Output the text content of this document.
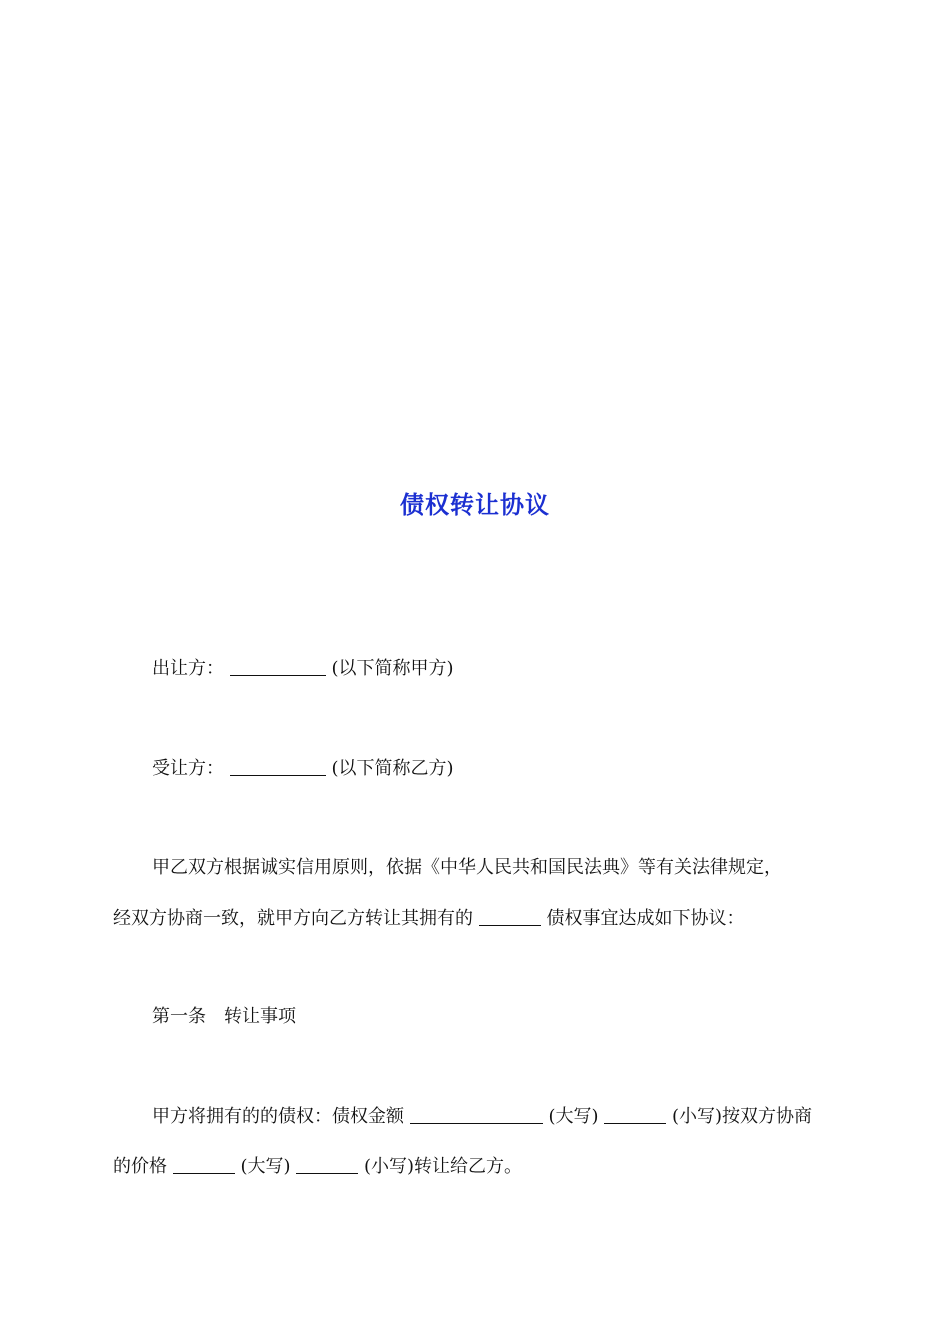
债权转让协议
出让方：	(以下简称甲方)
受让方：	(以下简称乙方)
甲乙双方根据诚实信用原则，依据《中华人民共和国民法典》等有关法律规定，
经双方协商一致，就甲方向乙方转让其拥有的	债权事宜达成如下协议：
第一条　转让事项
甲方将拥有的的债权：债权金额	(大写)	(小写)按双方协商
的价格	(大写)	(小写)转让给乙方。
